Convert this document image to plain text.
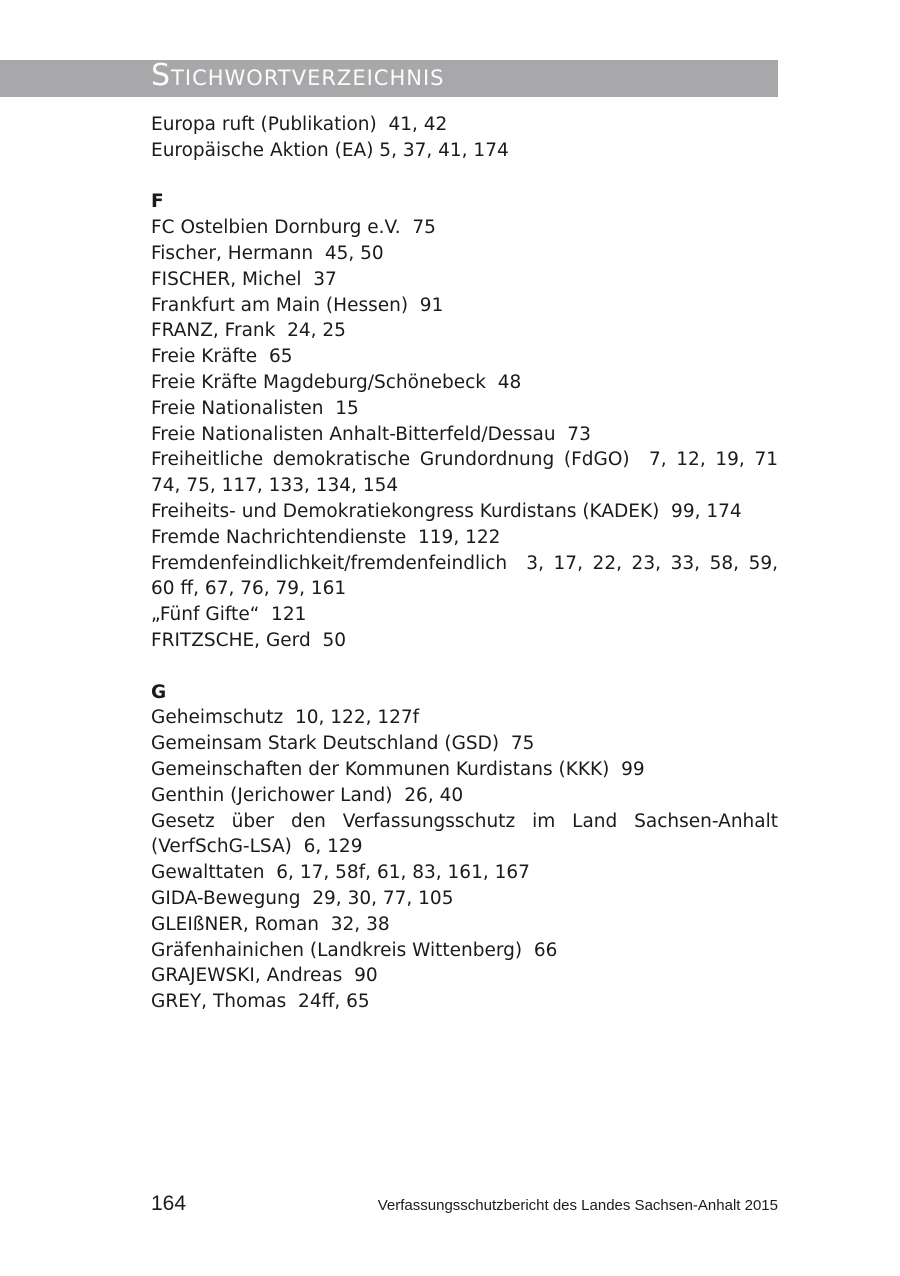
STICHWORTVERZEICHNIS
Europa ruft (Publikation)  41, 42
Europäische Aktion (EA) 5, 37, 41, 174
F
FC Ostelbien Dornburg e.V.  75
Fischer, Hermann  45, 50
FISCHER, Michel  37
Frankfurt am Main (Hessen)  91
FRANZ, Frank  24, 25
Freie Kräfte  65
Freie Kräfte Magdeburg/Schönebeck  48
Freie Nationalisten  15
Freie Nationalisten Anhalt-Bitterfeld/Dessau  73
Freiheitliche demokratische Grundordnung (FdGO)  7, 12, 19, 71
74, 75, 117, 133, 134, 154
Freiheits- und Demokratiekongress Kurdistans (KADEK)  99, 174
Fremde Nachrichtendienste  119, 122
Fremdenfeindlichkeit/fremdenfeindlich  3, 17, 22, 23, 33, 58, 59,
60 ff, 67, 76, 79, 161
„Fünf Gifte“  121
FRITZSCHE, Gerd  50
G
Geheimschutz  10, 122, 127f
Gemeinsam Stark Deutschland (GSD)  75
Gemeinschaften der Kommunen Kurdistans (KKK)  99
Genthin (Jerichower Land)  26, 40
Gesetz über den Verfassungsschutz im Land Sachsen-Anhalt
(VerfSchG-LSA)  6, 129
Gewalttaten  6, 17, 58f, 61, 83, 161, 167
GIDA-Bewegung  29, 30, 77, 105
GLEIßNER, Roman  32, 38
Gräfenhainichen (Landkreis Wittenberg)  66
GRAJEWSKI, Andreas  90
GREY, Thomas  24ff, 65
164	Verfassungsschutzbericht des Landes Sachsen-Anhalt 2015
